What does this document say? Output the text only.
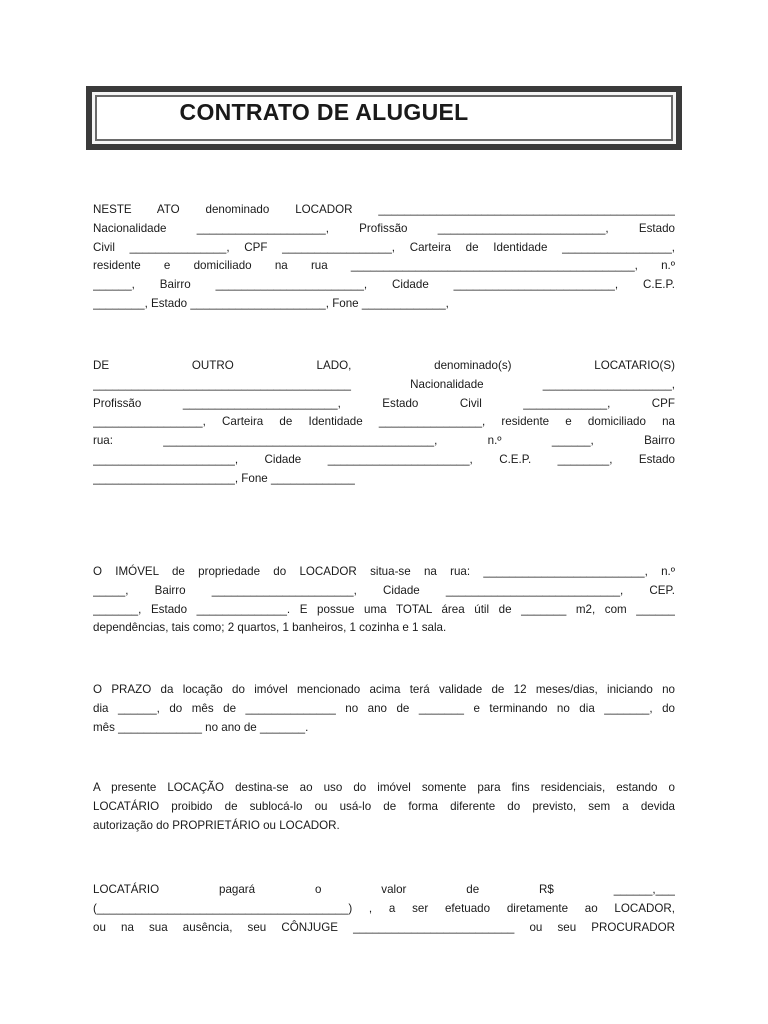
CONTRATO DE ALUGUEL
NESTE ATO denominado LOCADOR ______________________________________________
Nacionalidade ____________________, Profissão __________________________, Estado
Civil _______________, CPF _________________, Carteira de Identidade _________________,
residente e domiciliado na rua ____________________________________________, n.º
______, Bairro _______________________, Cidade _________________________, C.E.P.
________, Estado _____________________, Fone _____________,
DE OUTRO LADO, denominado(s) LOCATARIO(S)
________________________________________ Nacionalidade ____________________,
Profissão ________________________, Estado Civil _____________, CPF
_________________, Carteira de Identidade ________________, residente e domiciliado na
rua: __________________________________________, n.º ______, Bairro
______________________, Cidade ______________________, C.E.P. ________, Estado
______________________, Fone _____________
O IMÓVEL de propriedade do LOCADOR situa-se na rua: _________________________, n.º
_____, Bairro ______________________, Cidade ___________________________, CEP.
_______, Estado ______________. E possue uma TOTAL área útil de _______ m2, com ______
dependências, tais como; 2 quartos, 1 banheiros, 1 cozinha e 1 sala.
O PRAZO da locação do imóvel mencionado acima terá validade de 12 meses/dias, iniciando no
dia ______, do mês de ______________ no ano de _______ e terminando no dia _______, do
mês _____________ no ano de _______.
A presente LOCAÇÃO destina-se ao uso do imóvel somente para fins residenciais, estando o
LOCATÁRIO proibido de sublocá-lo ou usá-lo de forma diferente do previsto, sem a devida
autorização do PROPRIETÁRIO ou LOCADOR.
LOCATÁRIO pagará o valor de R$ ______,___
(_______________________________________) , a ser efetuado diretamente ao LOCADOR,
ou na sua ausência, seu CÔNJUGE _________________________ ou seu PROCURADOR
